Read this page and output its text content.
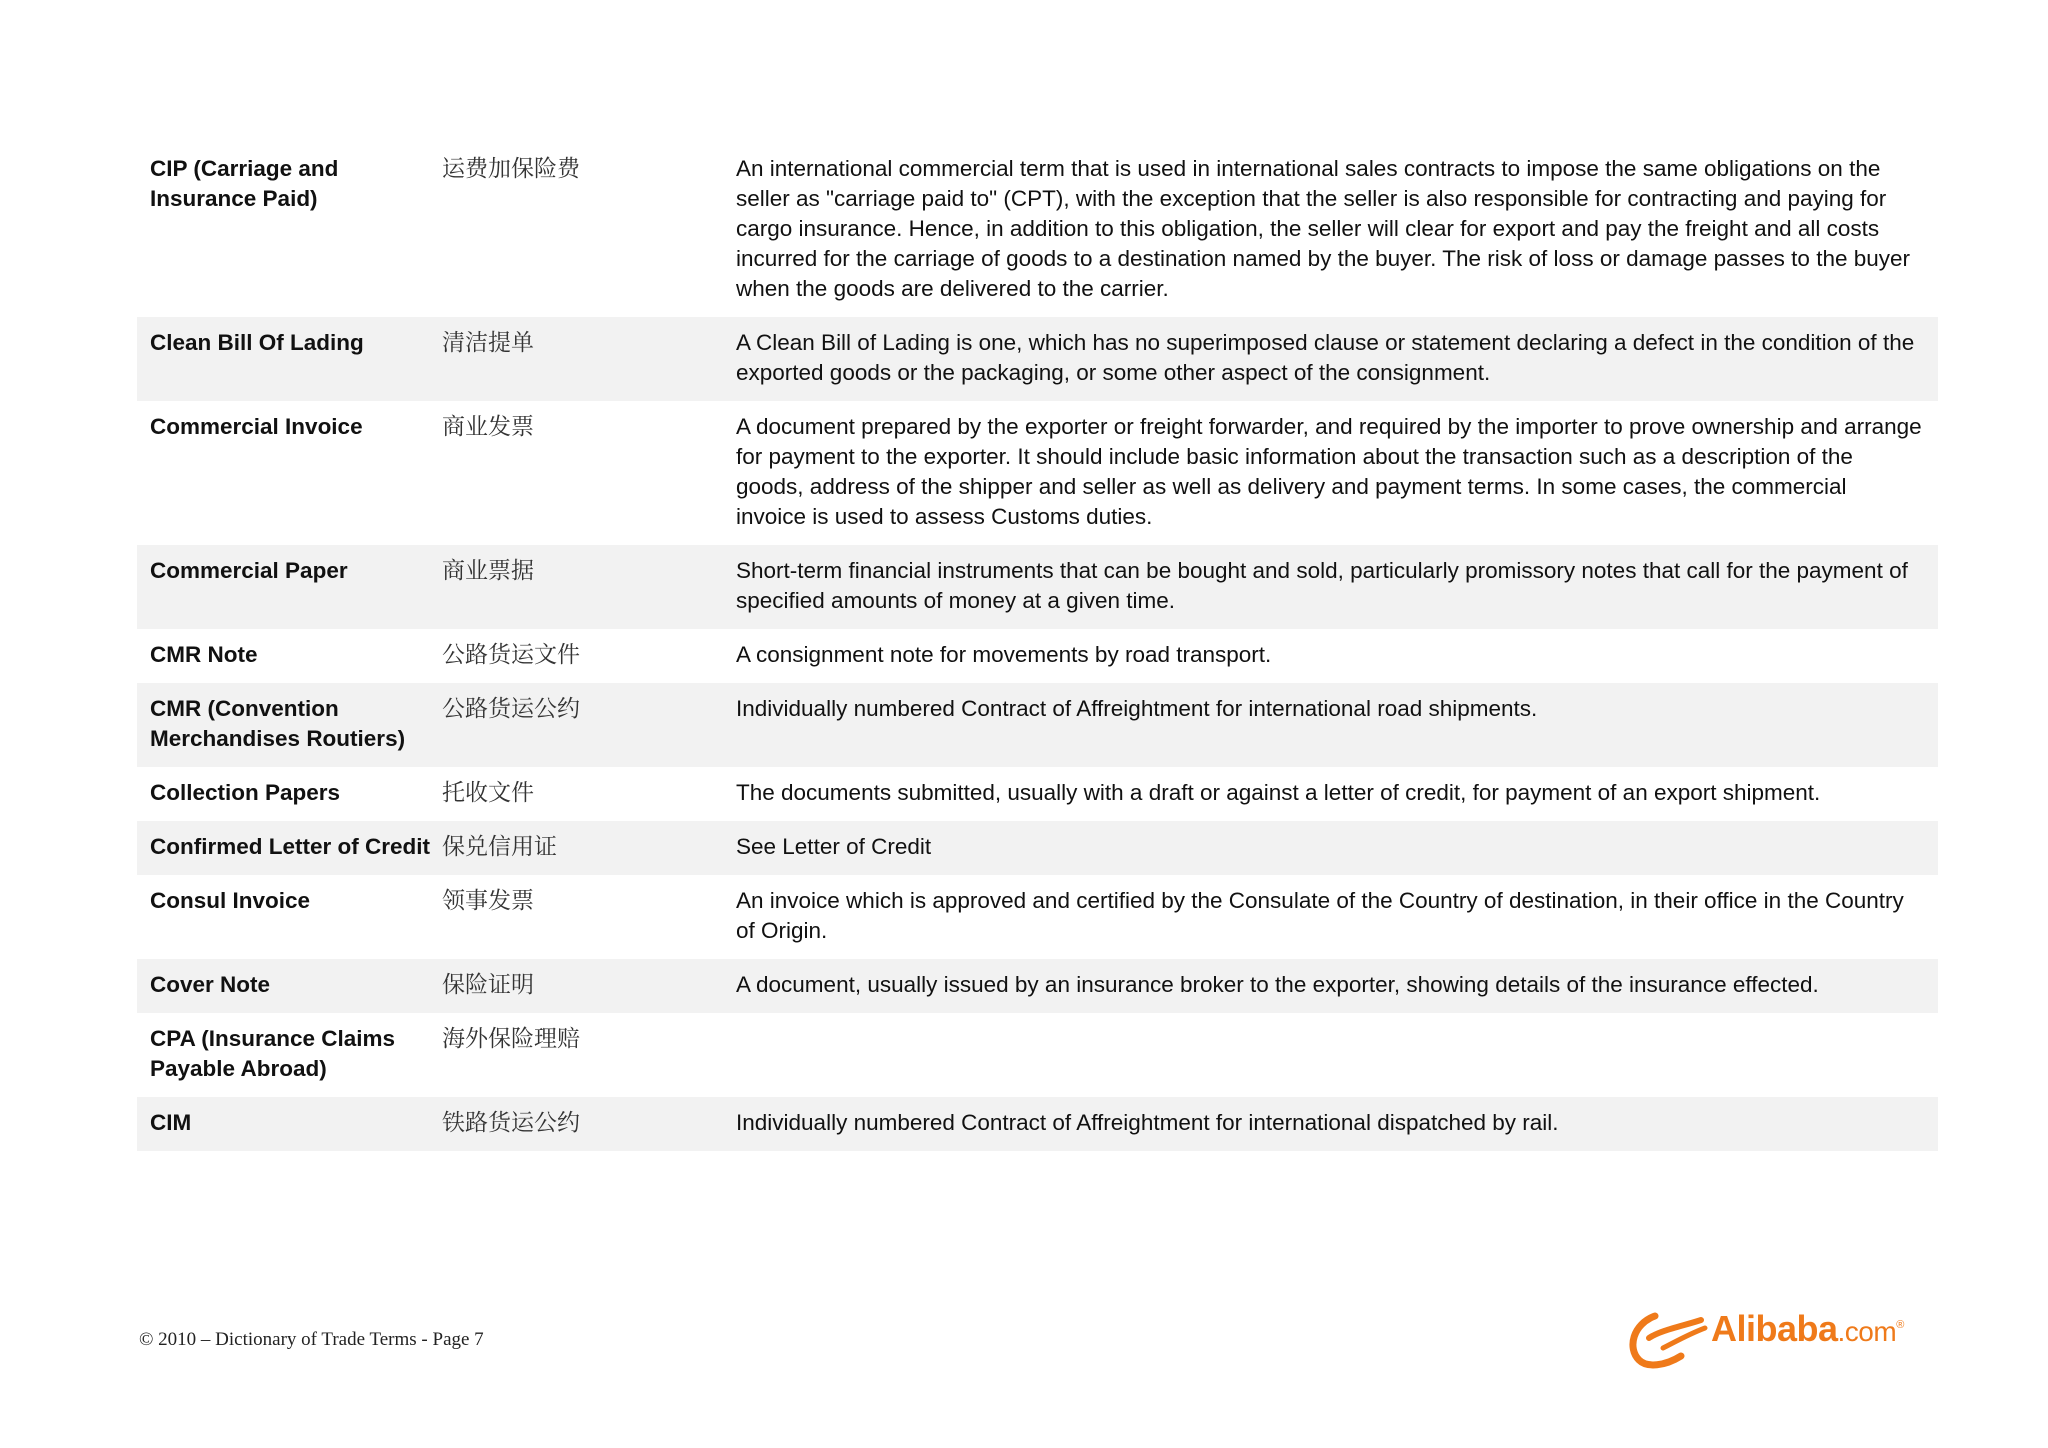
CIP (Carriage and Insurance Paid)	运费加保险费	An international commercial term that is used in international sales contracts to impose the same obligations on the seller as "carriage paid to" (CPT), with the exception that the seller is also responsible for contracting and paying for cargo insurance. Hence, in addition to this obligation, the seller will clear for export and pay the freight and all costs incurred for the carriage of goods to a destination named by the buyer. The risk of loss or damage passes to the buyer when the goods are delivered to the carrier.
Clean Bill Of Lading	清洁提单	A Clean Bill of Lading is one, which has no superimposed clause or statement declaring a defect in the condition of the exported goods or the packaging, or some other aspect of the consignment.
Commercial Invoice	商业发票	A document prepared by the exporter or freight forwarder, and required by the importer to prove ownership and arrange for payment to the exporter. It should include basic information about the transaction such as a description of the goods, address of the shipper and seller as well as delivery and payment terms. In some cases, the commercial invoice is used to assess Customs duties.
Commercial Paper	商业票据	Short-term financial instruments that can be bought and sold, particularly promissory notes that call for the payment of specified amounts of money at a given time.
CMR Note	公路货运文件	A consignment note for movements by road transport.
CMR (Convention Merchandises Routiers)	公路货运公约	Individually numbered Contract of Affreightment for international road shipments.
Collection Papers	托收文件	The documents submitted, usually with a draft or against a letter of credit, for payment of an export shipment.
Confirmed Letter of Credit	保兑信用证	See Letter of Credit
Consul Invoice	领事发票	An invoice which is approved and certified by the Consulate of the Country of destination, in their office in the Country of Origin.
Cover Note	保险证明	A document, usually issued by an insurance broker to the exporter, showing details of the insurance effected.
CPA (Insurance Claims Payable Abroad)	海外保险理赔	
CIM	铁路货运公约	Individually numbered Contract of Affreightment for international dispatched by rail.
© 2010 – Dictionary of Trade Terms - Page 7	Alibaba.com®
